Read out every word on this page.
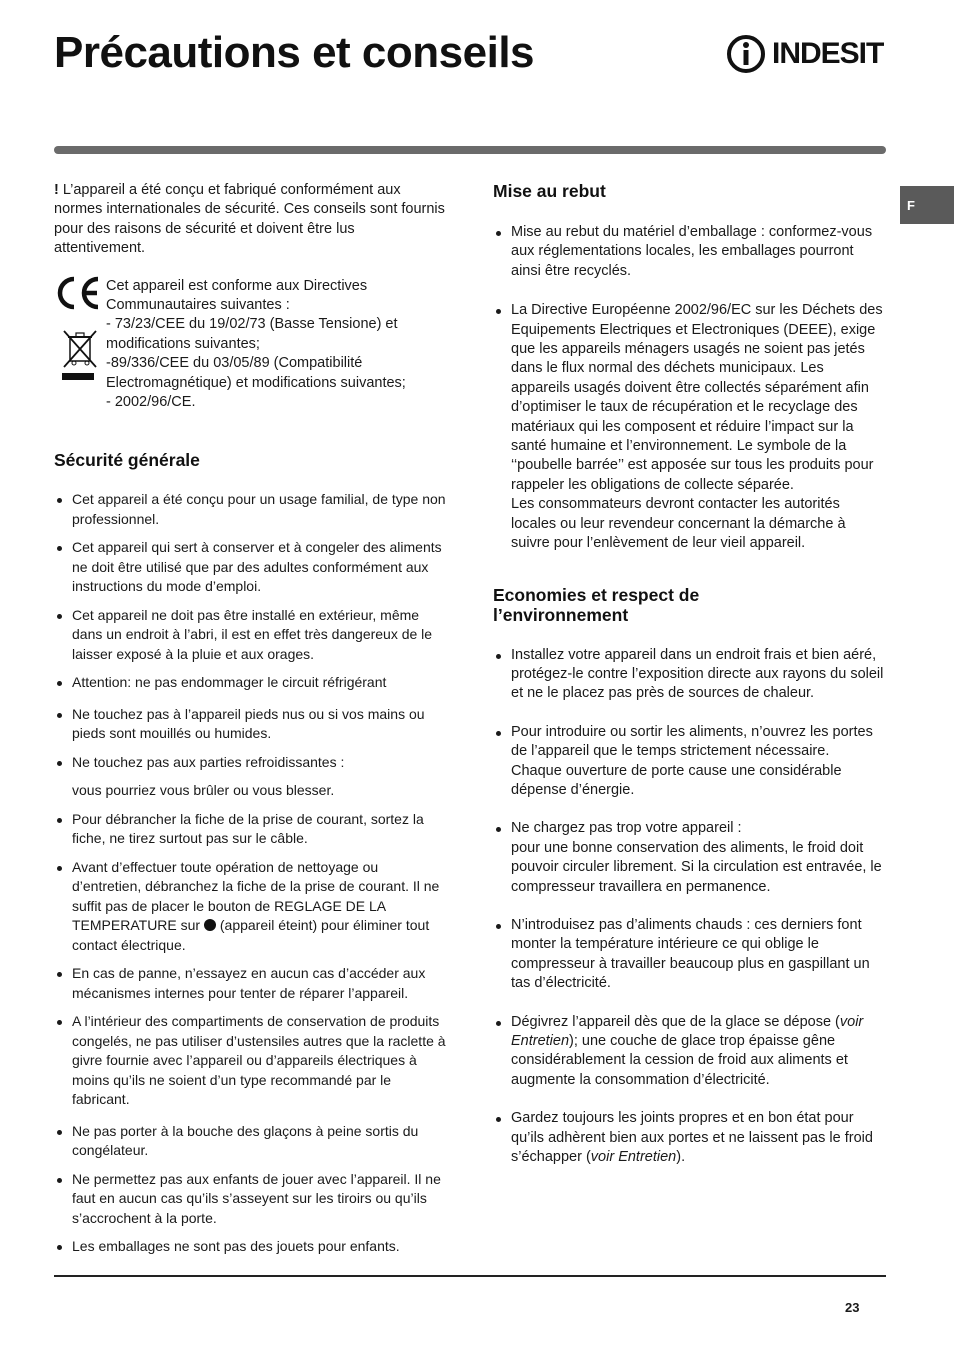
Précautions et conseils	INDESIT
F

! L’appareil a été conçu et fabriqué conformément aux normes internationales de sécurité. Ces conseils sont fournis pour des raisons de sécurité et doivent être lus attentivement.

Cet appareil est conforme aux Directives Communautaires suivantes :

- 73/23/CEE du 19/02/73 (Basse Tensione) et modifications suivantes;

-89/336/CEE du 03/05/89 (Compatibilité Electromagnétique) et modifications suivantes;

- 2002/96/CE.

Sécurité générale
Cet appareil a été conçu pour un usage familial, de type non professionnel.
Cet appareil qui sert à conserver et à congeler des aliments ne doit être utilisé que par des adultes conformément aux instructions du mode d’emploi.
Cet appareil ne doit pas être installé en extérieur, même dans un endroit à l’abri, il est en effet très dangereux de le laisser exposé à la pluie et aux orages.
Attention: ne pas endommager le circuit réfrigérant
Ne touchez pas à l’appareil pieds nus ou si vos mains ou pieds sont mouillés ou humides.
Ne touchez pas aux parties refroidissantes :
vous pourriez vous brûler ou vous blesser.
Pour débrancher la fiche de la prise de courant, sortez la fiche, ne tirez surtout pas sur le câble.
Avant d’effectuer toute opération de nettoyage ou d’entretien, débranchez la fiche de la prise de courant. Il ne suffit pas de placer le bouton de REGLAGE DE LA TEMPERATURE sur  (appareil éteint) pour éliminer tout contact électrique.
En cas de panne, n’essayez en aucun cas d’accéder aux mécanismes internes pour tenter de réparer l’appareil.
A l’intérieur des compartiments de conservation de produits congelés, ne pas utiliser d’ustensiles autres que la raclette à givre fournie avec l’appareil ou d’appareils électriques à moins qu’ils ne soient d’un type recommandé par le fabricant.
Ne pas porter à la bouche des glaçons à peine sortis du congélateur.
Ne permettez pas aux enfants de jouer avec l’appareil. Il ne faut en aucun cas qu’ils s’asseyent sur les tiroirs ou qu’ils s’accrochent à la porte.
Les emballages ne sont pas des jouets pour enfants.
Mise au rebut
Mise au rebut du matériel d’emballage : conformez-vous aux réglementations locales, les emballages pourront ainsi être recyclés.

La Directive Européenne 2002/96/EC sur les Déchets des Equipements Electriques et Electroniques (DEEE), exige que les appareils ménagers usagés ne soient pas jetés dans le flux normal des déchets municipaux. Les appareils usagés doivent être collectés séparément afin d’optimiser le taux de récupération et le recyclage des matériaux qui les composent et réduire l’impact sur la santé humaine et l’environnement. Le symbole de la ‘‘poubelle barrée’’ est apposée sur tous les produits pour rappeler les obligations de collecte séparée.

Les consommateurs devront contacter les autorités locales ou leur revendeur concernant la démarche à suivre pour l’enlèvement de leur vieil appareil.

Economies et respect de l’environnement
Installez votre appareil dans un endroit frais et bien aéré, protégez-le contre l’exposition directe aux rayons du soleil et ne le placez pas près de sources de chaleur.

Pour introduire ou sortir les aliments, n’ouvrez les portes de l’appareil que le temps strictement nécessaire.

Chaque ouverture de porte cause une considérable dépense d’énergie.

Ne chargez pas trop votre appareil :

pour une bonne conservation des aliments, le froid doit pouvoir circuler librement. Si la circulation est entravée, le compresseur travaillera en permanence.

N’introduisez pas d’aliments chauds : ces derniers font monter la température intérieure ce qui oblige le compresseur à travailler beaucoup plus en gaspillant un tas d’électricité.
Dégivrez l’appareil dès que de la glace se dépose (voir Entretien); une couche de glace trop épaisse gêne considérablement la cession de froid aux aliments et augmente la consommation d’électricité.
Gardez toujours les joints propres et en bon état pour qu’ils adhèrent bien aux portes et ne laissent pas le froid s’échapper (voir Entretien).
23
